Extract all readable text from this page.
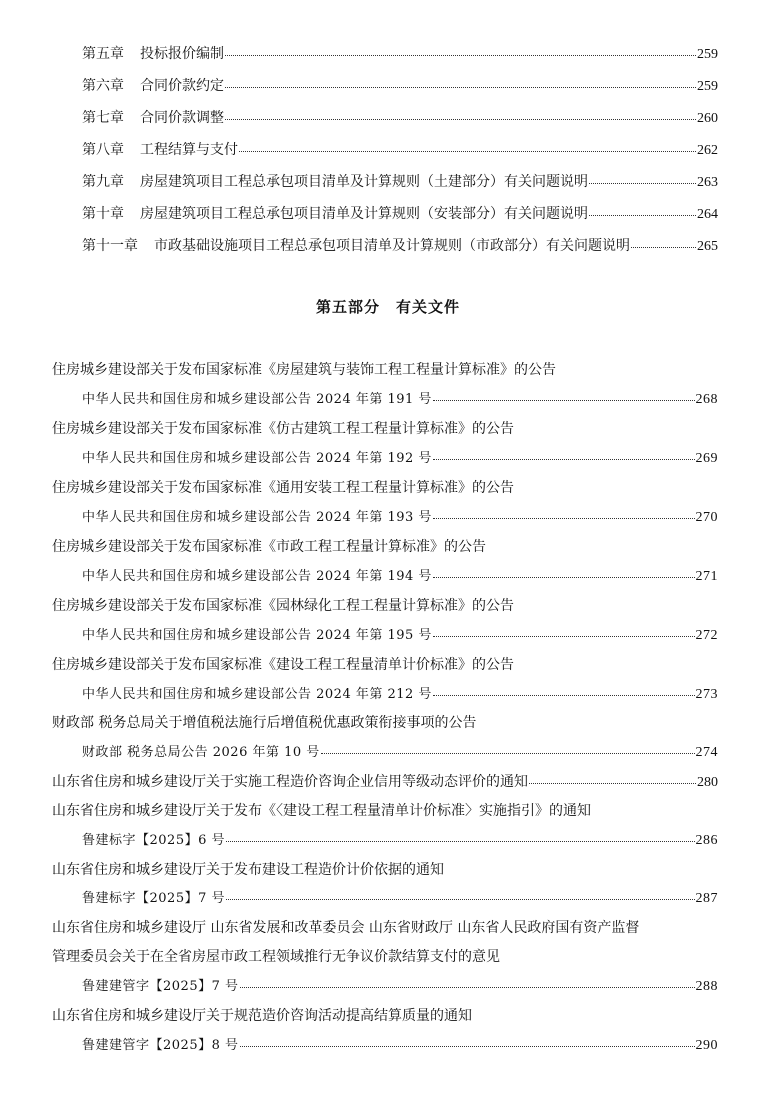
第五章 投标报价编制	259
第六章 合同价款约定	259
第七章 合同价款调整	260
第八章 工程结算与支付	262
第九章 房屋建筑项目工程总承包项目清单及计算规则（土建部分）有关问题说明	263
第十章 房屋建筑项目工程总承包项目清单及计算规则（安装部分）有关问题说明	264
第十一章 市政基础设施项目工程总承包项目清单及计算规则（市政部分）有关问题说明	265
第五部分　有关文件
住房城乡建设部关于发布国家标准《房屋建筑与装饰工程工程量计算标准》的公告
中华人民共和国住房和城乡建设部公告 2024 年第 191 号	268
住房城乡建设部关于发布国家标准《仿古建筑工程工程量计算标准》的公告
中华人民共和国住房和城乡建设部公告 2024 年第 192 号	269
住房城乡建设部关于发布国家标准《通用安装工程工程量计算标准》的公告
中华人民共和国住房和城乡建设部公告 2024 年第 193 号	270
住房城乡建设部关于发布国家标准《市政工程工程量计算标准》的公告
中华人民共和国住房和城乡建设部公告 2024 年第 194 号	271
住房城乡建设部关于发布国家标准《园林绿化工程工程量计算标准》的公告
中华人民共和国住房和城乡建设部公告 2024 年第 195 号	272
住房城乡建设部关于发布国家标准《建设工程工程量清单计价标准》的公告
中华人民共和国住房和城乡建设部公告 2024 年第 212 号	273
财政部 税务总局关于增值税法施行后增值税优惠政策衔接事项的公告
财政部 税务总局公告 2026 年第 10 号	274
山东省住房和城乡建设厅关于实施工程造价咨询企业信用等级动态评价的通知	280
山东省住房和城乡建设厅关于发布《〈建设工程工程量清单计价标准〉实施指引》的通知
鲁建标字【2025】6 号	286
山东省住房和城乡建设厅关于发布建设工程造价计价依据的通知
鲁建标字【2025】7 号	287
山东省住房和城乡建设厅 山东省发展和改革委员会 山东省财政厅 山东省人民政府国有资产监督
管理委员会关于在全省房屋市政工程领域推行无争议价款结算支付的意见
鲁建建管字【2025】7 号	288
山东省住房和城乡建设厅关于规范造价咨询活动提高结算质量的通知
鲁建建管字【2025】8 号	290
